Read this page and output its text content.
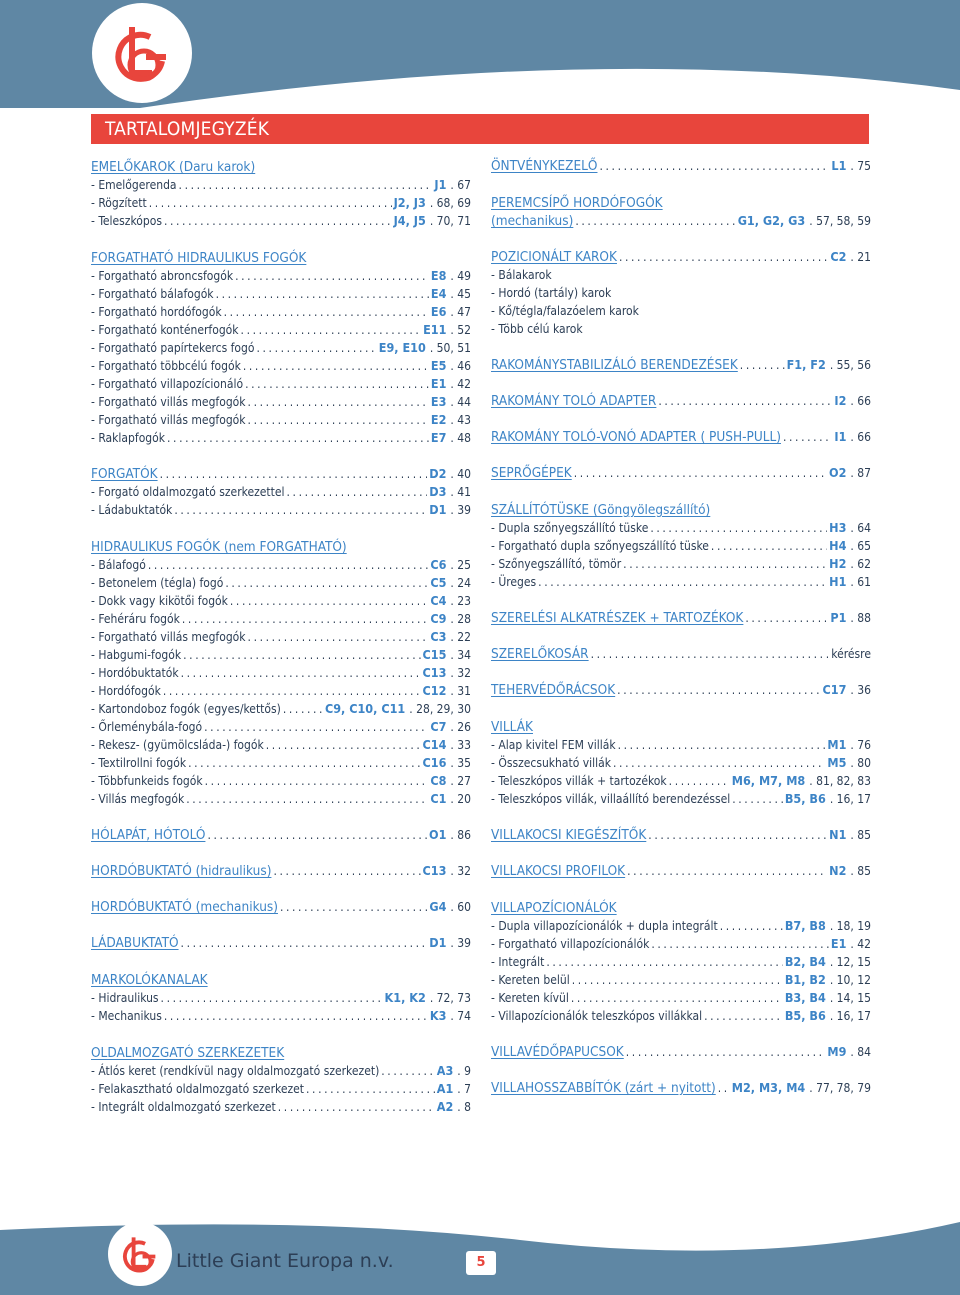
TARTALOMJEGYZÉK
EMELŐKAROK (Daru karok)
- Emelőgerenda .....	J1 . 67
- Rögzített .....	J2, J3 . 68, 69
- Teleszkópos .....	J4, J5 . 70, 71
FORGATHATÓ HIDRAULIKUS FOGÓK
- Forgatható abroncsfogók .....	E8 . 49
- Forgatható bálafogók .....	E4 . 45
- Forgatható hordófogók .....	E6 . 47
- Forgatható konténerfogók .....	E11 . 52
- Forgatható papírtekercs fogó .....	E9, E10 . 50, 51
- Forgatható többcélú fogók .....	E5 . 46
- Forgatható villapozícionáló .....	E1 . 42
- Forgatható villás megfogók .....	E3 . 44
- Forgatható villás megfogók .....	E2 . 43
- Raklapfogók .....	E7 . 48
FORGATÓK .....	D2 . 40
- Forgató oldalmozgató szerkezettel .....	D3 . 41
- Ládabuktatók .....	D1 . 39
HIDRAULIKUS FOGÓK (nem FORGATHATÓ)
- Bálafogó .....	C6 . 25
- Betonelem (tégla) fogó .....	C5 . 24
- Dokk vagy kikötői fogók .....	C4 . 23
- Fehéráru fogók .....	C9 . 28
- Forgatható villás megfogók .....	C3 . 22
- Habgumi-fogók .....	C15 . 34
- Hordóbuktatók .....	C13 . 32
- Hordófogók .....	C12 . 31
- Kartondoboz fogók (egyes/kettős) .....	C9, C10, C11 . 28, 29, 30
- Őrleménybála-fogó .....	C7 . 26
- Rekesz- (gyümölcsláda-) fogók .....	C14 . 33
- Textilrollni fogók .....	C16 . 35
- Többfunkeids fogók .....	C8 . 27
- Villás megfogók .....	C1 . 20
HÓLAPÁT, HÓTOLÓ .....	O1 . 86
HORDÓBUKTATÓ (hidraulikus) .....	C13 . 32
HORDÓBUKTATÓ (mechanikus) .....	G4 . 60
LÁDABUKTATÓ .....	D1 . 39
MARKOLÓKANALAK
- Hidraulikus .....	K1, K2 . 72, 73
- Mechanikus .....	K3 . 74
OLDALMOZGATÓ SZERKEZETEK
- Átlós keret (rendkívül nagy oldalmozgató szerkezet) .....	A3 . 9
- Felakasztható oldalmozgató szerkezet .....	A1 . 7
- Integrált oldalmozgató szerkezet .....	A2 . 8
ÖNTVÉNYKEZELŐ .....	L1 . 75
PEREMCSÍPŐ HORDÓFOGÓK
(mechanikus) .....	G1, G2, G3 . 57, 58, 59
POZICIONÁLT KAROK .....	C2 . 21
- Bálakarok
- Hordó (tartály) karok
- Kő/tégla/falazóelem karok
- Több célú karok
RAKOMÁNYSTABILIZÁLÓ BERENDEZÉSEK .....	F1, F2 . 55, 56
RAKOMÁNY TOLÓ ADAPTER .....	I2 . 66
RAKOMÁNY TOLÓ-VONÓ ADAPTER ( PUSH-PULL) .....	I1 . 66
SEPRŐGÉPEK .....	O2 . 87
SZÁLLÍTÓTÜSKE (Göngyölegszállító)
- Dupla szőnyegszállító tüske .....	H3 . 64
- Forgatható dupla szőnyegszállító tüske .....	H4 . 65
- Szőnyegszállító, tömör .....	H2 . 62
- Üreges .....	H1 . 61
SZERELÉSI ALKATRÉSZEK + TARTOZÉKOK .....	P1 . 88
SZERELŐKOSÁR .....	kérésre
TEHERVÉDŐRÁCSOK .....	C17 . 36
VILLÁK
- Alap kivitel FEM villák .....	M1 . 76
- Összecsukható villák .....	M5 . 80
- Teleszkópos villák + tartozékok .....	M6, M7, M8 . 81, 82, 83
- Teleszkópos villák, villaállító berendezéssel .....	B5, B6 . 16, 17
VILLAKOCSI KIEGÉSZÍTŐK .....	N1 . 85
VILLAKOCSI PROFILOK .....	N2 . 85
VILLAPOZÍCIONÁLÓK
- Dupla villapozícionálók + dupla integrált .....	B7, B8 . 18, 19
- Forgatható villapozícionálók .....	E1 . 42
- Integrált .....	B2, B4 . 12, 15
- Kereten belül .....	B1, B2 . 10, 12
- Kereten kívül .....	B3, B4 . 14, 15
- Villapozícionálók teleszkópos villákkal .....	B5, B6 . 16, 17
VILLAVÉDŐPAPUCSOK .....	M9 . 84
VILLAHOSSZABBÍTÓK (zárt + nyitott) ..... M2, M3, M4 . 77, 78, 79
Little Giant Europa n.v.	5
